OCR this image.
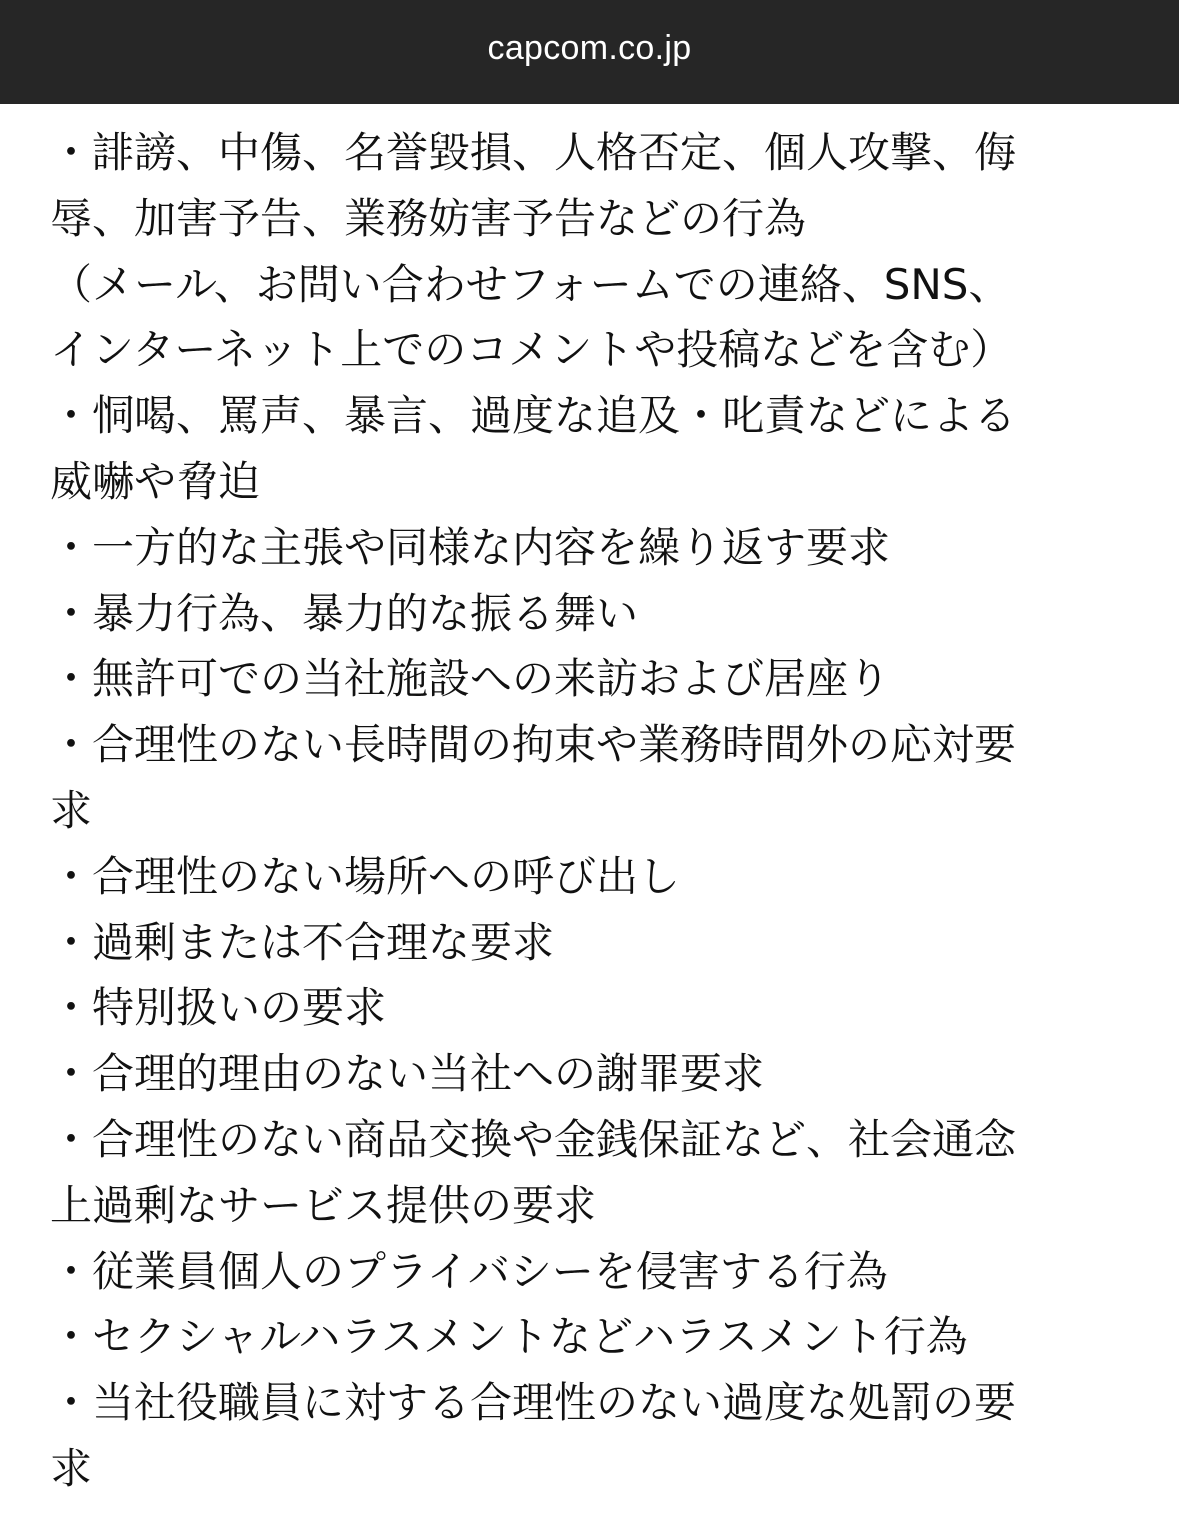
capcom.co.jp
・誹謗、中傷、名誉毀損、人格否定、個人攻撃、侮
辱、加害予告、業務妨害予告などの行為
（メール、お問い合わせフォームでの連絡、SNS、
インターネット上でのコメントや投稿などを含む）
・恫喝、罵声、暴言、過度な追及・叱責などによる
威嚇や脅迫
・一方的な主張や同様な内容を繰り返す要求
・暴力行為、暴力的な振る舞い
・無許可での当社施設への来訪および居座り
・合理性のない長時間の拘束や業務時間外の応対要
求
・合理性のない場所への呼び出し
・過剰または不合理な要求
・特別扱いの要求
・合理的理由のない当社への謝罪要求
・合理性のない商品交換や金銭保証など、社会通念
上過剰なサービス提供の要求
・従業員個人のプライバシーを侵害する行為
・セクシャルハラスメントなどハラスメント行為
・当社役職員に対する合理性のない過度な処罰の要
求
